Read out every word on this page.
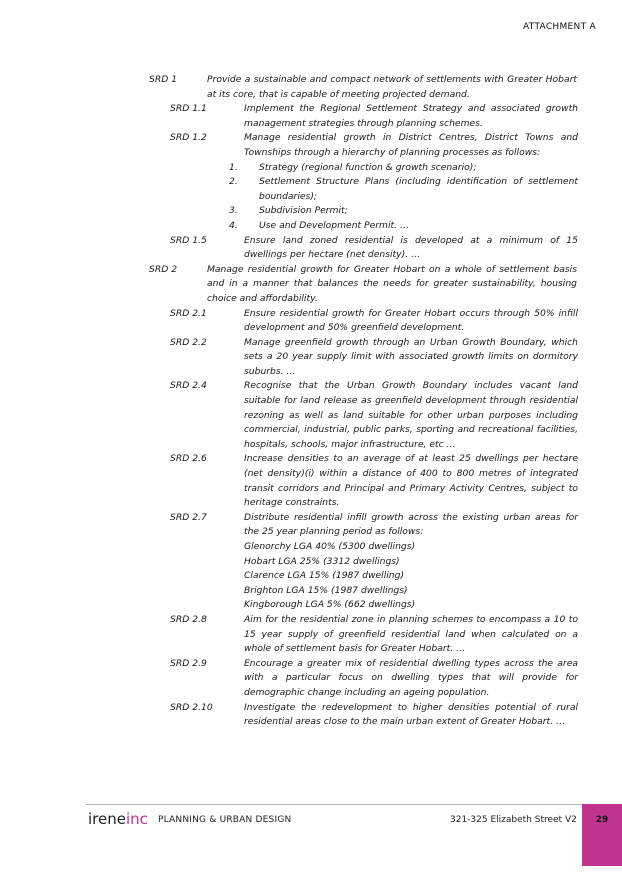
ATTACHMENT A
SRD 1	Provide a sustainable and compact network of settlements with Greater Hobart at its core, that is capable of meeting projected demand.
SRD 1.1	Implement the Regional Settlement Strategy and associated growth management strategies through planning schemes.
SRD 1.2	Manage residential growth in District Centres, District Towns and Townships through a hierarchy of planning processes as follows:
1. Strategy (regional function & growth scenario);
2. Settlement Structure Plans (including identification of settlement boundaries);
3. Subdivision Permit;
4. Use and Development Permit. …
SRD 1.5	Ensure land zoned residential is developed at a minimum of 15 dwellings per hectare (net density). …
SRD 2	Manage residential growth for Greater Hobart on a whole of settlement basis and in a manner that balances the needs for greater sustainability, housing choice and affordability.
SRD 2.1	Ensure residential growth for Greater Hobart occurs through 50% infill development and 50% greenfield development.
SRD 2.2	Manage greenfield growth through an Urban Growth Boundary, which sets a 20 year supply limit with associated growth limits on dormitory suburbs. …
SRD 2.4	Recognise that the Urban Growth Boundary includes vacant land suitable for land release as greenfield development through residential rezoning as well as land suitable for other urban purposes including commercial, industrial, public parks, sporting and recreational facilities, hospitals, schools, major infrastructure, etc …
SRD 2.6	Increase densities to an average of at least 25 dwellings per hectare (net density)(i) within a distance of 400 to 800 metres of integrated transit corridors and Principal and Primary Activity Centres, subject to heritage constraints.
SRD 2.7	Distribute residential infill growth across the existing urban areas for the 25 year planning period as follows:
Glenorchy LGA 40% (5300 dwellings)
Hobart LGA 25% (3312 dwellings)
Clarence LGA 15% (1987 dwelling)
Brighton LGA 15% (1987 dwellings)
Kingborough LGA 5% (662 dwellings)
SRD 2.8	Aim for the residential zone in planning schemes to encompass a 10 to 15 year supply of greenfield residential land when calculated on a whole of settlement basis for Greater Hobart. …
SRD 2.9	Encourage a greater mix of residential dwelling types across the area with a particular focus on dwelling types that will provide for demographic change including an ageing population.
SRD 2.10	Investigate the redevelopment to higher densities potential of rural residential areas close to the main urban extent of Greater Hobart. …
ireneinc PLANNING & URBAN DESIGN	321-325 Elizabeth Street V2	29
